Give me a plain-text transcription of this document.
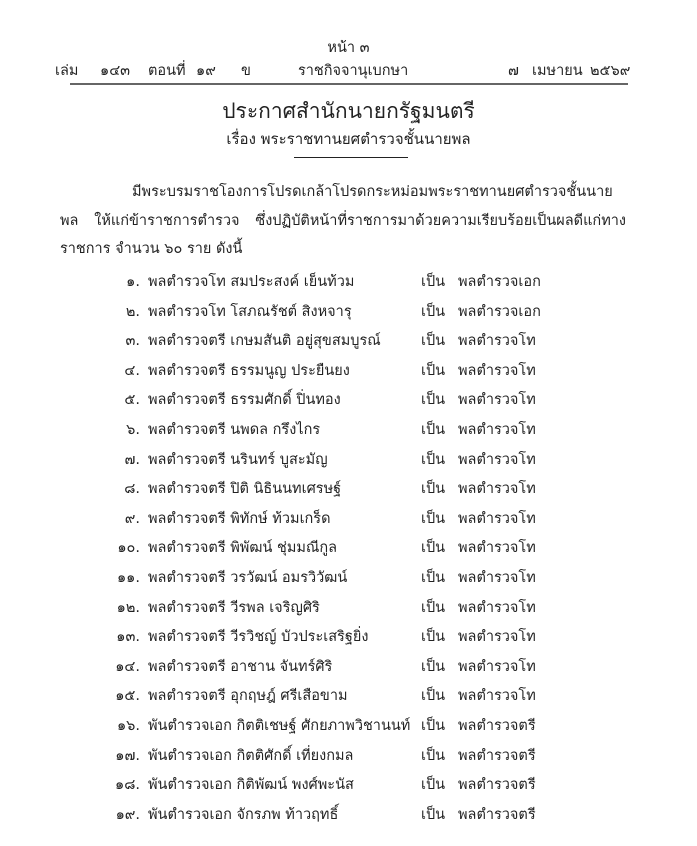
หน้า ๓
เล่ม ๑๔๓ ตอนที่ ๑๙ ข	ราชกิจจานุเบกษา	๗ เมษายน ๒๕๖๙
ประกาศสำนักนายกรัฐมนตรี
เรื่อง พระราชทานยศตำรวจชั้นนายพล
มีพระบรมราชโองการโปรดเกล้าโปรดกระหม่อมพระราชทานยศตำรวจชั้นนายพล ให้แก่ข้าราชการตำรวจ ซึ่งปฏิบัติหน้าที่ราชการมาด้วยความเรียบร้อยเป็นผลดีแก่ทางราชการ จำนวน ๖๐ ราย ดังนี้
๑. พลตำรวจโท สมประสงค์ เย็นท้วม	เป็น พลตำรวจเอก
๒. พลตำรวจโท โสภณรัชต์ สิงหจารุ	เป็น พลตำรวจเอก
๓. พลตำรวจตรี เกษมสันติ อยู่สุขสมบูรณ์	เป็น พลตำรวจโท
๔. พลตำรวจตรี ธรรมนูญ ประยืนยง	เป็น พลตำรวจโท
๕. พลตำรวจตรี ธรรมศักดิ์ ปิ่นทอง	เป็น พลตำรวจโท
๖. พลตำรวจตรี นพดล กรึงไกร	เป็น พลตำรวจโท
๗. พลตำรวจตรี นรินทร์ บูสะมัญ	เป็น พลตำรวจโท
๘. พลตำรวจตรี ปิติ นิธินนทเศรษฐ์	เป็น พลตำรวจโท
๙. พลตำรวจตรี พิทักษ์ ท้วมเกร็ด	เป็น พลตำรวจโท
๑๐. พลตำรวจตรี พิพัฒน์ ชุ่มมณีกูล	เป็น พลตำรวจโท
๑๑. พลตำรวจตรี วรวัฒน์ อมรวิวัฒน์	เป็น พลตำรวจโท
๑๒. พลตำรวจตรี วีรพล เจริญศิริ	เป็น พลตำรวจโท
๑๓. พลตำรวจตรี วีรวิชญ์ บัวประเสริฐยิ่ง	เป็น พลตำรวจโท
๑๔. พลตำรวจตรี อาชาน จันทร์ศิริ	เป็น พลตำรวจโท
๑๕. พลตำรวจตรี อุกฤษฎ์ ศรีเสือขาม	เป็น พลตำรวจโท
๑๖. พันตำรวจเอก กิตติเชษฐ์ ศักยภาพวิชานนท์ เป็น พลตำรวจตรี
๑๗. พันตำรวจเอก กิตติศักดิ์ เที่ยงกมล	เป็น พลตำรวจตรี
๑๘. พันตำรวจเอก กิติพัฒน์ พงศ์พะนัส	เป็น พลตำรวจตรี
๑๙. พันตำรวจเอก จักรภพ ท้าวฤทธิ์	เป็น พลตำรวจตรี
